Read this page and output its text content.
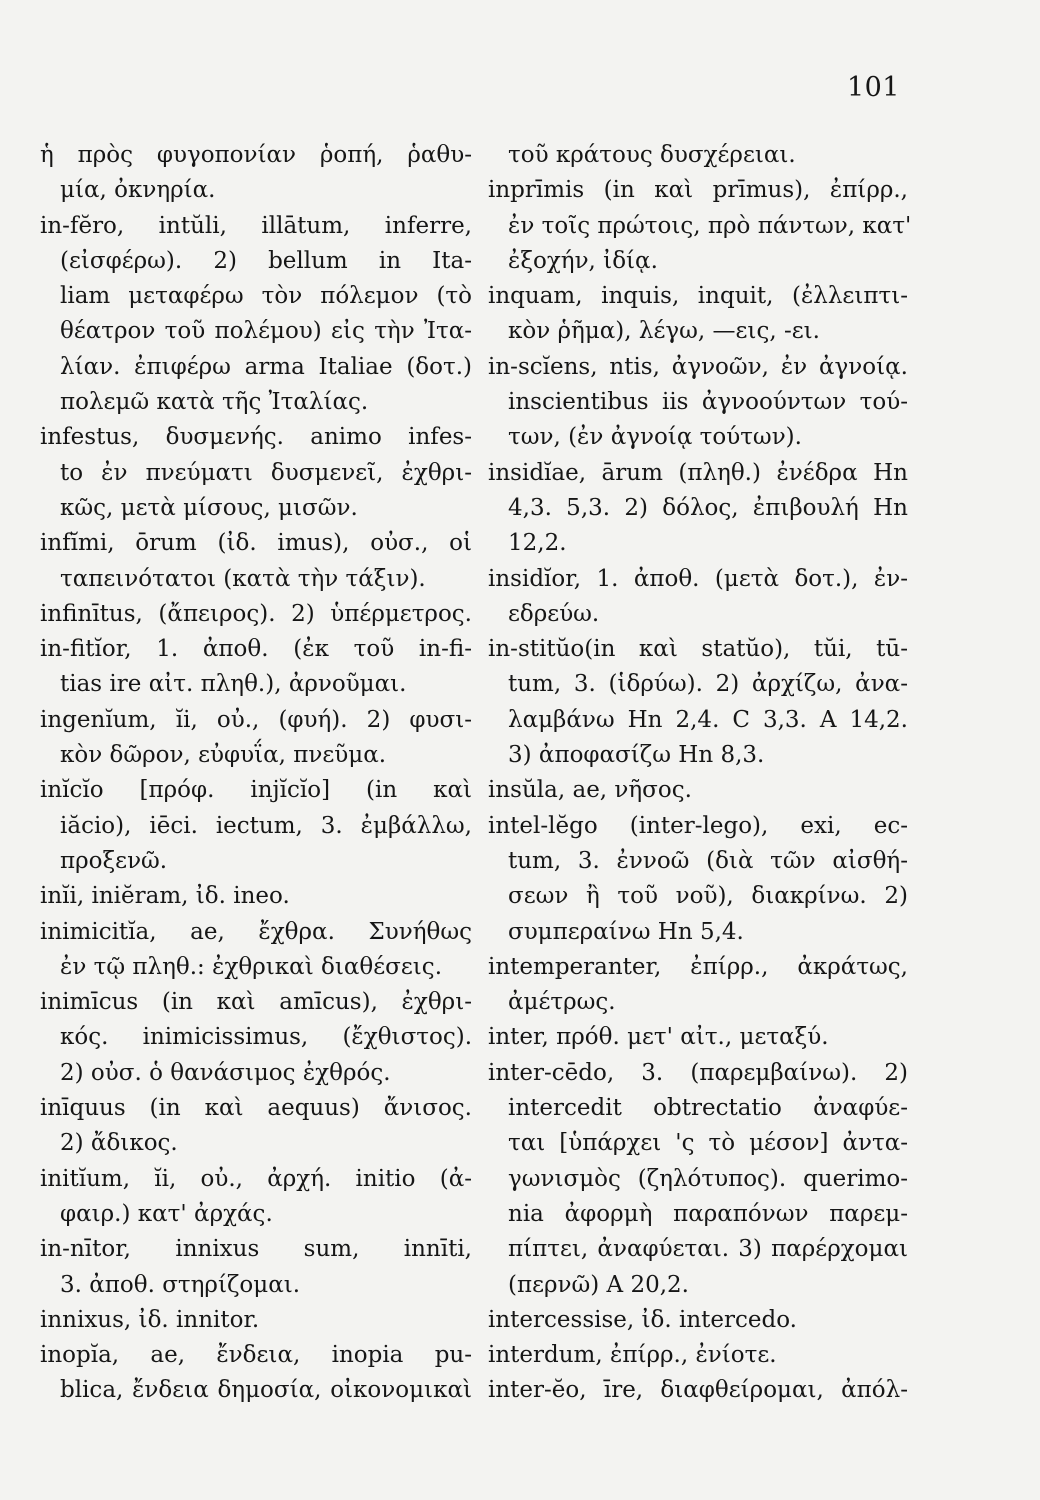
101
ἡ πρὸς φυγοπονίαν ῥοπή, ῥαθυ-
μία, ὀκνηρία.
in-fĕro, intŭli, illātum, inferre,
(εἰσφέρω). 2) bellum in Ita-
liam μεταφέρω τὸν πόλεμον (τὸ
θέατρον τοῦ πολέμου) εἰς τὴν Ἰτα-
λίαν. ἐπιφέρω arma Italiae (δοτ.)
πολεμῶ κατὰ τῆς Ἰταλίας.
infestus, δυσμενής. animo infes-
to ἐν πνεύματι δυσμενεῖ, ἐχθρι-
κῶς, μετὰ μίσους, μισῶν.
infĭmi, ōrum (ἰδ. imus), οὐσ., οἱ
ταπεινότατοι (κατὰ τὴν τάξιν).
infinītus, (ἄπειρος). 2) ὑπέρμετρος.
in-fitĭor, 1. ἀποθ. (ἐκ τοῦ in-fi-
tias ire αἰτ. πληθ.), ἀρνοῦμαι.
ingenĭum, ĭi, οὐ., (φυή). 2) φυσι-
κὸν δῶρον, εὐφυΐα, πνεῦμα.
inĭcĭo [πρόφ. injĭcĭo] (in καὶ
iăcio), iēci. iectum, 3. ἐμβάλλω,
προξενῶ.
inĭi, iniĕram, ἰδ. ineo.
inimicitĭa, ae, ἔχθρα. Συνήθως
ἐν τῷ πληθ.: ἐχθρικαὶ διαθέσεις.
inimīcus (in καὶ amīcus), ἐχθρι-
κός. inimicissimus, (ἔχθιστος).
2) οὐσ. ὁ θανάσιμος ἐχθρός.
inīquus (in καὶ aequus) ἄνισος.
2) ἄδικος.
initĭum, ĭi, οὐ., ἀρχή. initio (ἀ-
φαιρ.) κατ' ἀρχάς.
in-nītor, innixus sum, innīti,
3. ἀποθ. στηρίζομαι.
innixus, ἰδ. innitor.
inopĭa, ae, ἔνδεια, inopia pu-
blica, ἔνδεια δημοσία, οἰκονομικαὶ
τοῦ κράτους δυσχέρειαι.
inprīmis (in καὶ prīmus), ἐπίρρ.,
ἐν τοῖς πρώτοις, πρὸ πάντων, κατ'
ἐξοχήν, ἰδίᾳ.
inquam, inquis, inquit, (ἐλλειπτι-
κὸν ῥῆμα), λέγω, —εις, -ει.
in-scĭens, ntis, ἀγνοῶν, ἐν ἀγνοίᾳ.
inscientibus iis ἀγνοούντων τού-
των, (ἐν ἀγνοίᾳ τούτων).
insidĭae, ārum (πληθ.) ἐνέδρα Hn
4,3. 5,3. 2) δόλος, ἐπιβουλή Hn
12,2.
insidĭor, 1. ἀποθ. (μετὰ δοτ.), ἐν-
εδρεύω.
in-stitŭo(in καὶ statŭo), tŭi, tū-
tum, 3. (ἱδρύω). 2) ἀρχίζω, ἀνα-
λαμβάνω Hn 2,4. C 3,3. A 14,2.
3) ἀποφασίζω Hn 8,3.
insŭla, ae, νῆσος.
intel-lĕgo (inter-lego), exi, ec-
tum, 3. ἐννοῶ (διὰ τῶν αἰσθή-
σεων ἢ τοῦ νοῦ), διακρίνω. 2)
συμπεραίνω Hn 5,4.
intemperanter, ἐπίρρ., ἀκράτως,
ἀμέτρως.
inter, πρόθ. μετ' αἰτ., μεταξύ.
inter-cēdo, 3. (παρεμβαίνω). 2)
intercedit obtrectatio ἀναφύε-
ται [ὑπάρχει 'ς τὸ μέσον] ἀντα-
γωνισμὸς (ζηλότυπος). querimo-
nia ἀφορμὴ παραπόνων παρεμ-
πίπτει, ἀναφύεται. 3) παρέρχομαι
(περνῶ) A 20,2.
intercessise, ἰδ. intercedo.
interdum, ἐπίρρ., ἐνίοτε.
inter-ĕo, īre, διαφθείρομαι, ἀπόλ-
